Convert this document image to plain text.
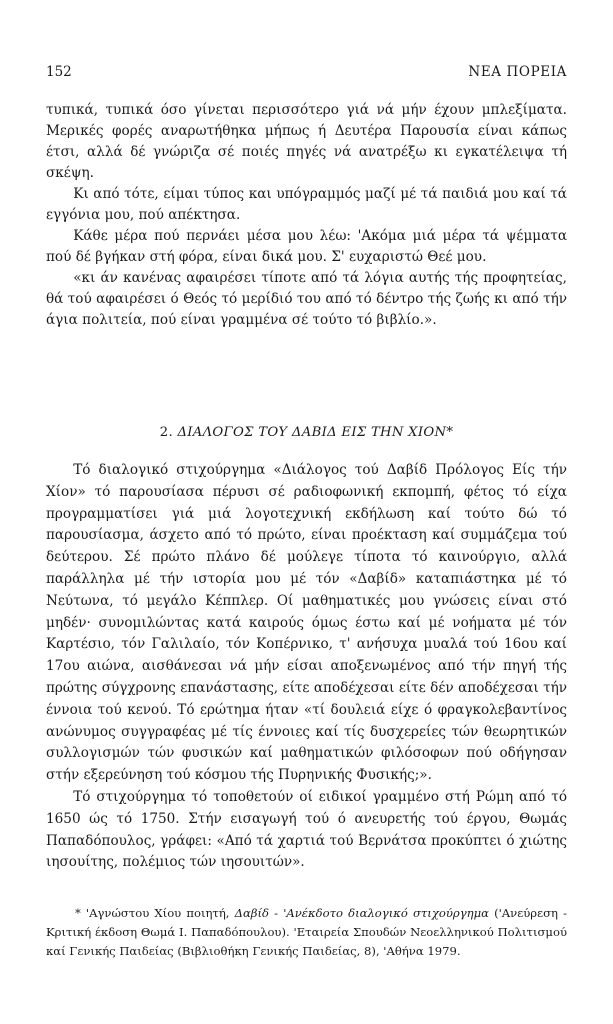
152	ΝΕΑ ΠΟΡΕΙΑ

τυπικά, τυπικά όσο γίνεται περισσότερο γιά νά μήν έχουν μπλεξίματα. Μερικές φορές αναρωτήθηκα μήπως ή Δευτέρα Παρουσία είναι κάπως έτσι, αλλά δέ γνώριζα σέ ποιές πηγές νά ανατρέξω κι εγκατέλειψα τή σκέψη.

Κι από τότε, είμαι τύπος και υπόγραμμός μαζί μέ τά παιδιά μου καί τά εγγόνια μου, πού απέκτησα.

Κάθε μέρα πού περνάει μέσα μου λέω: 'Ακόμα μιά μέρα τά ψέμματα πού δέ βγήκαν στή φόρα, είναι δικά μου. Σ' ευχαριστώ Θεέ μου.

«κι άν κανένας αφαιρέσει τίποτε από τά λόγια αυτής τής προφητείας, θά τού αφαιρέσει ό Θεός τό μερίδιό του από τό δέντρο τής ζωής κι από τήν άγια πολιτεία, πού είναι γραμμένα σέ τούτο τό βιβλίο.».

2. ΔΙΑΛΟΓΟΣ ΤΟΥ ΔΑΒΙΔ ΕΙΣ ΤΗΝ ΧΙΟΝ*

Τό διαλογικό στιχούργημα «Διάλογος τού Δαβίδ Πρόλογος Είς τήν Χίον» τό παρουσίασα πέρυσι σέ ραδιοφωνική εκπομπή, φέτος τό είχα προγραμματίσει γιά μιά λογοτεχνική εκδήλωση καί τούτο δώ τό παρουσίασμα, άσχετο από τό πρώτο, είναι προέκταση καί συμμάζεμα τού δεύτερου. Σέ πρώτο πλάνο δέ μούλεγε τίποτα τό καινούργιο, αλλά παράλληλα μέ τήν ιστορία μου μέ τόν «Δαβίδ» καταπιάστηκα μέ τό Νεύτωνα, τό μεγάλο Κέππλερ. Οί μαθηματικές μου γνώσεις είναι στό μηδέν· συνομιλώντας κατά καιρούς όμως έστω καί μέ νοήματα μέ τόν Καρτέσιο, τόν Γαλιλαίο, τόν Κοπέρνικο, τ' ανήσυχα μυαλά τού 16ου καί 17ου αιώνα, αισθάνεσαι νά μήν είσαι αποξενωμένος από τήν πηγή τής πρώτης σύγχρονης επανάστασης, είτε αποδέχεσαι είτε δέν αποδέχεσαι τήν έννοια τού κενού. Τό ερώτημα ήταν «τί δουλειά είχε ό φραγκολεβαντίνος ανώνυμος συγγραφέας μέ τίς έννοιες καί τίς δυσχερείες τών θεωρητικών συλλογισμών τών φυσικών καί μαθηματικών φιλόσοφων πού οδήγησαν στήν εξερεύνηση τού κόσμου τής Πυρηνικής Φυσικής;».

Τό στιχούργημα τό τοποθετούν οί ειδικοί γραμμένο στή Ρώμη από τό 1650 ώς τό 1750. Στήν εισαγωγή τού ό ανευρετής τού έργου, Θωμάς Παπαδόπουλος, γράφει: «Από τά χαρτιά τού Βερνάτσα προκύπτει ό χιώτης ιησουίτης, πολέμιος τών ιησουιτών».

* 'Αγνώστου Χίου ποιητή, Δαβίδ - 'Ανέκδοτο διαλογικό στιχούργημα ('Ανεύρεση - Κριτική έκδοση Θωμά Ι. Παπαδόπουλου). 'Εταιρεία Σπουδών Νεοελληνικού Πολιτισμού καί Γενικής Παιδείας (Βιβλιοθήκη Γενικής Παιδείας, 8), 'Αθήνα 1979.
